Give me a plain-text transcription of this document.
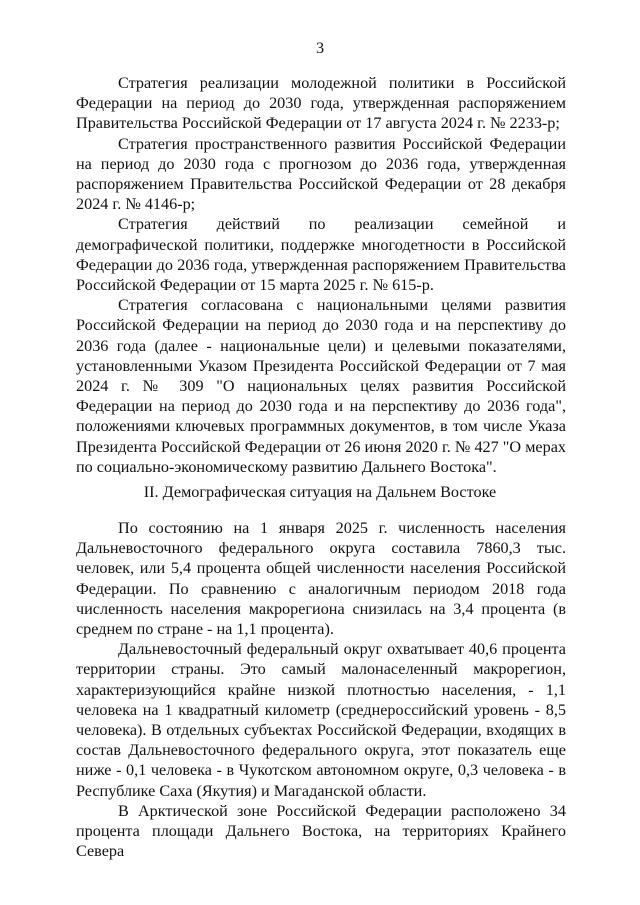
3

Стратегия реализации молодежной политики в Российской Федерации на период до 2030 года, утвержденная распоряжением Правительства Российской Федерации от 17 августа 2024 г. № 2233-р;

Стратегия пространственного развития Российской Федерации на период до 2030 года с прогнозом до 2036 года, утвержденная распоряжением Правительства Российской Федерации от 28 декабря 2024 г. № 4146-р;

Стратегия действий по реализации семейной и демографической политики, поддержке многодетности в Российской Федерации до 2036 года, утвержденная распоряжением Правительства Российской Федерации от 15 марта 2025 г. № 615-р.

Стратегия согласована с национальными целями развития Российской Федерации на период до 2030 года и на перспективу до 2036 года (далее - национальные цели) и целевыми показателями, установленными Указом Президента Российской Федерации от 7 мая 2024 г. № 309 "О национальных целях развития Российской Федерации на период до 2030 года и на перспективу до 2036 года", положениями ключевых программных документов, в том числе Указа Президента Российской Федерации от 26 июня 2020 г. № 427 "О мерах по социально-экономическому развитию Дальнего Востока".

II. Демографическая ситуация на Дальнем Востоке

По состоянию на 1 января 2025 г. численность населения Дальневосточного федерального округа составила 7860,3 тыс. человек, или 5,4 процента общей численности населения Российской Федерации. По сравнению с аналогичным периодом 2018 года численность населения макрорегиона снизилась на 3,4 процента (в среднем по стране - на 1,1 процента).

Дальневосточный федеральный округ охватывает 40,6 процента территории страны. Это самый малонаселенный макрорегион, характеризующийся крайне низкой плотностью населения, - 1,1 человека на 1 квадратный километр (среднероссийский уровень - 8,5 человека). В отдельных субъектах Российской Федерации, входящих в состав Дальневосточного федерального округа, этот показатель еще ниже - 0,1 человека - в Чукотском автономном округе, 0,3 человека - в Республике Саха (Якутия) и Магаданской области.

В Арктической зоне Российской Федерации расположено 34 процента площади Дальнего Востока, на территориях Крайнего Севера
